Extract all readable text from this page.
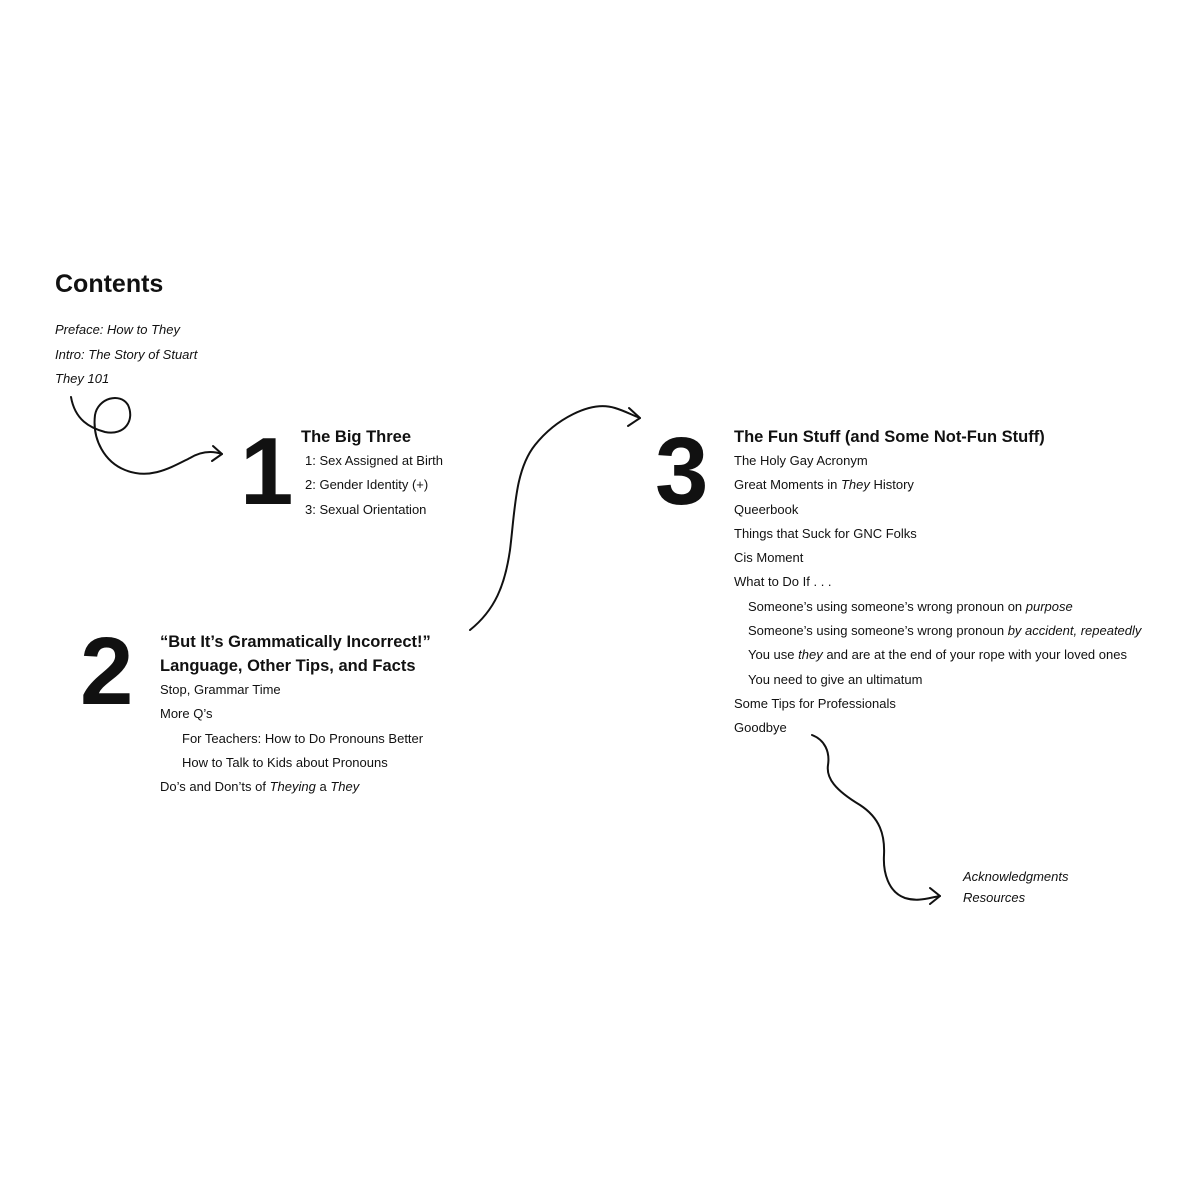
Contents
Preface: How to They
Intro: The Story of Stuart
They 101
1 The Big Three
1: Sex Assigned at Birth
2: Gender Identity (+)
3: Sexual Orientation
2 “But It’s Grammatically Incorrect!”
Language, Other Tips, and Facts
Stop, Grammar Time
More Q’s
For Teachers: How to Do Pronouns Better
How to Talk to Kids about Pronouns
Do’s and Don’ts of Theying a They
3 The Fun Stuff (and Some Not-Fun Stuff)
The Holy Gay Acronym
Great Moments in They History
Queerbook
Things that Suck for GNC Folks
Cis Moment
What to Do If . . .
Someone’s using someone’s wrong pronoun on purpose
Someone’s using someone’s wrong pronoun by accident, repeatedly
You use they and are at the end of your rope with your loved ones
You need to give an ultimatum
Some Tips for Professionals
Goodbye
Acknowledgments
Resources
